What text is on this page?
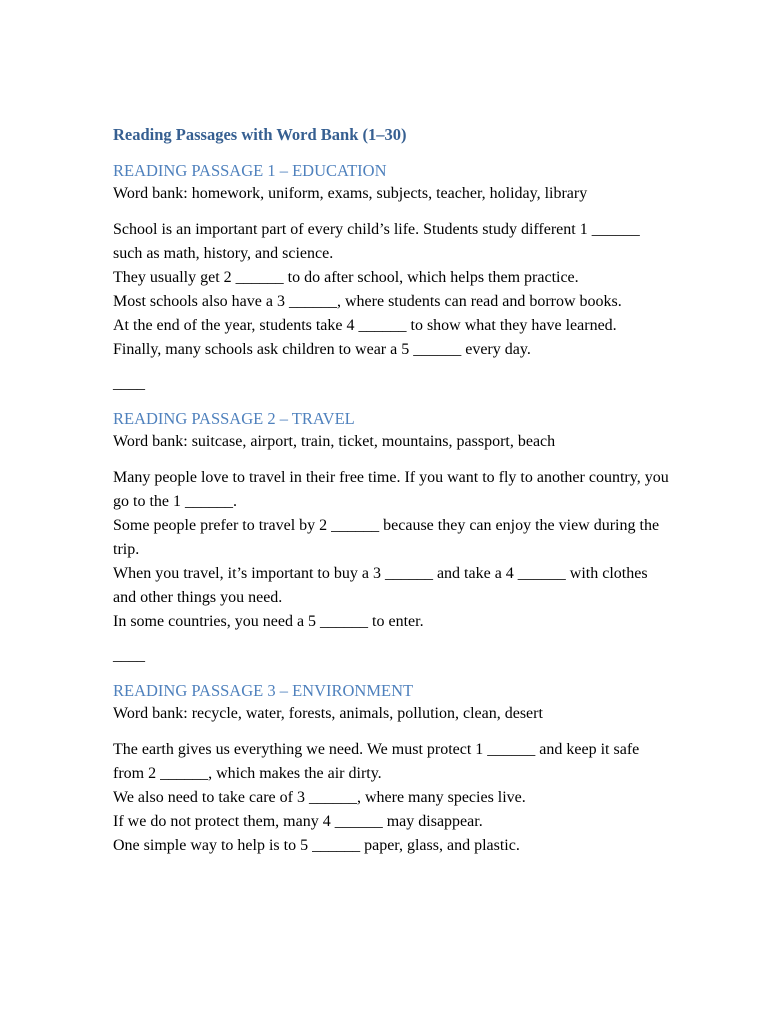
Reading Passages with Word Bank (1–30)
READING PASSAGE 1 – EDUCATION
Word bank: homework, uniform, exams, subjects, teacher, holiday, library
School is an important part of every child’s life. Students study different 1 ______ such as math, history, and science.
They usually get 2 ______ to do after school, which helps them practice.
Most schools also have a 3 ______, where students can read and borrow books.
At the end of the year, students take 4 ______ to show what they have learned.
Finally, many schools ask children to wear a 5 ______ every day.
____
READING PASSAGE 2 – TRAVEL
Word bank: suitcase, airport, train, ticket, mountains, passport, beach
Many people love to travel in their free time. If you want to fly to another country, you go to the 1 ______.
Some people prefer to travel by 2 ______ because they can enjoy the view during the trip.
When you travel, it’s important to buy a 3 ______ and take a 4 ______ with clothes and other things you need.
In some countries, you need a 5 ______ to enter.
____
READING PASSAGE 3 – ENVIRONMENT
Word bank: recycle, water, forests, animals, pollution, clean, desert
The earth gives us everything we need. We must protect 1 ______ and keep it safe from 2 ______, which makes the air dirty.
We also need to take care of 3 ______, where many species live.
If we do not protect them, many 4 ______ may disappear.
One simple way to help is to 5 ______ paper, glass, and plastic.
